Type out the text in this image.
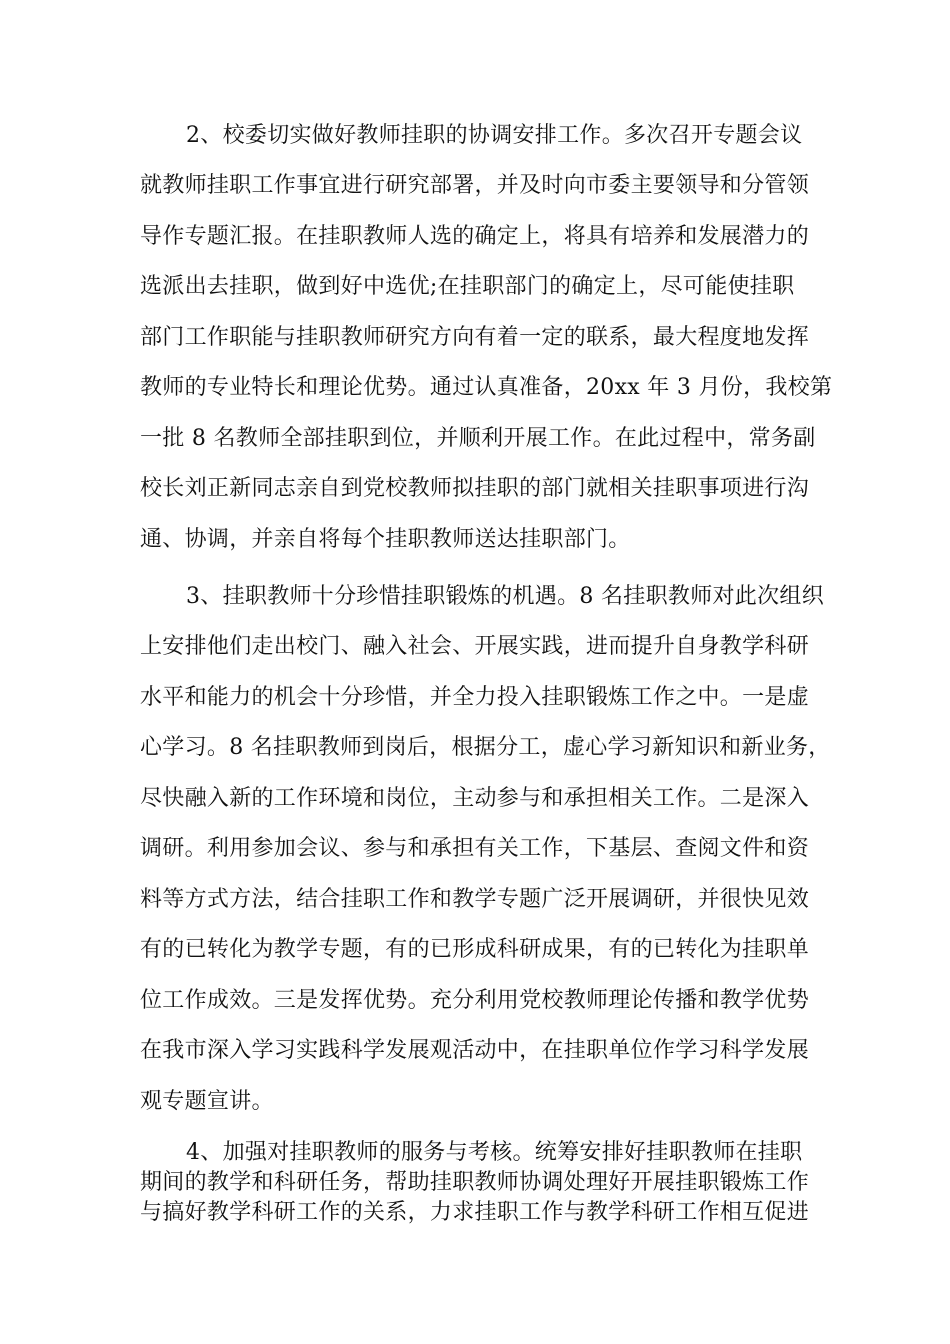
2、校委切实做好教师挂职的协调安排工作。多次召开专题会议
就教师挂职工作事宜进行研究部署，并及时向市委主要领导和分管领
导作专题汇报。在挂职教师人选的确定上，将具有培养和发展潜力的
选派出去挂职，做到好中选优;在挂职部门的确定上，尽可能使挂职
部门工作职能与挂职教师研究方向有着一定的联系，最大程度地发挥
教师的专业特长和理论优势。通过认真准备，20xx 年 3 月份，我校第
一批 8 名教师全部挂职到位，并顺利开展工作。在此过程中，常务副
校长刘正新同志亲自到党校教师拟挂职的部门就相关挂职事项进行沟
通、协调，并亲自将每个挂职教师送达挂职部门。
3、挂职教师十分珍惜挂职锻炼的机遇。8 名挂职教师对此次组织
上安排他们走出校门、融入社会、开展实践，进而提升自身教学科研
水平和能力的机会十分珍惜，并全力投入挂职锻炼工作之中。一是虚
心学习。8 名挂职教师到岗后，根据分工，虚心学习新知识和新业务，
尽快融入新的工作环境和岗位，主动参与和承担相关工作。二是深入
调研。利用参加会议、参与和承担有关工作，下基层、查阅文件和资
料等方式方法，结合挂职工作和教学专题广泛开展调研，并很快见效
有的已转化为教学专题，有的已形成科研成果，有的已转化为挂职单
位工作成效。三是发挥优势。充分利用党校教师理论传播和教学优势
在我市深入学习实践科学发展观活动中，在挂职单位作学习科学发展
观专题宣讲。
4、加强对挂职教师的服务与考核。统筹安排好挂职教师在挂职
期间的教学和科研任务，帮助挂职教师协调处理好开展挂职锻炼工作
与搞好教学科研工作的关系，力求挂职工作与教学科研工作相互促进
